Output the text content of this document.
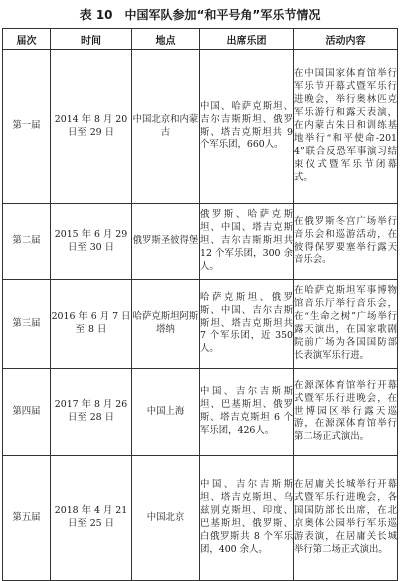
表 10 中国军队参加“和平号角”军乐节情况
届次	时间	地点	出席乐团	活动内容
第一届	2014 年 8 月 20 日至 29 日	中国北京和内蒙古	中国、哈萨克斯坦、吉尔吉斯斯坦、俄罗斯、塔吉克斯坦共 9 个军乐团，660人。	在中国国家体育馆举行军乐节开幕式暨军乐行进晚会，举行奥林匹克军乐游行和露天表演，在内蒙古朱日和训练基地举行“和平使命-2014”联合反恐军事演习结束仪式暨军乐节闭幕式。
第二届	2015 年 6 月 29 日至 30 日	俄罗斯圣彼得堡	俄罗斯、哈萨克斯坦、中国、塔吉克斯坦、吉尔吉斯斯坦共 12 个军乐团，300 余人。	在俄罗斯冬宫广场举行音乐会和巡游活动，在彼得保罗要塞举行露天音乐会。
第三届	2016 年 6 月 7 日至 8 日	哈萨克斯坦阿斯塔纳	哈萨克斯坦、俄罗斯、中国、吉尔吉斯斯坦、塔吉克斯坦共 7 个军乐团，近 350 人。	在哈萨克斯坦军事博物馆音乐厅举行音乐会，在“生命之树”广场举行露天演出，在国家歌剧院前广场为各国国防部长表演军乐行进。
第四届	2017 年 8 月 26 日至 28 日	中国上海	中国、吉尔吉斯斯坦、巴基斯坦、俄罗斯、塔吉克斯坦 6 个军乐团，426人。	在源深体育馆举行开幕式暨军乐行进晚会，在世博园区举行露天巡游，在源深体育馆举行第二场正式演出。
第五届	2018 年 4 月 21 日至 25 日	中国北京	中国、吉尔吉斯斯坦、塔吉克斯坦、乌兹别克斯坦、印度、巴基斯坦、俄罗斯、白俄罗斯共 8 个军乐团，400 余人。	在居庸关长城举行开幕式暨军乐行进晚会，各国国防部长出席，在北京奥体公园举行军乐巡游表演，在居庸关长城举行第二场正式演出。
